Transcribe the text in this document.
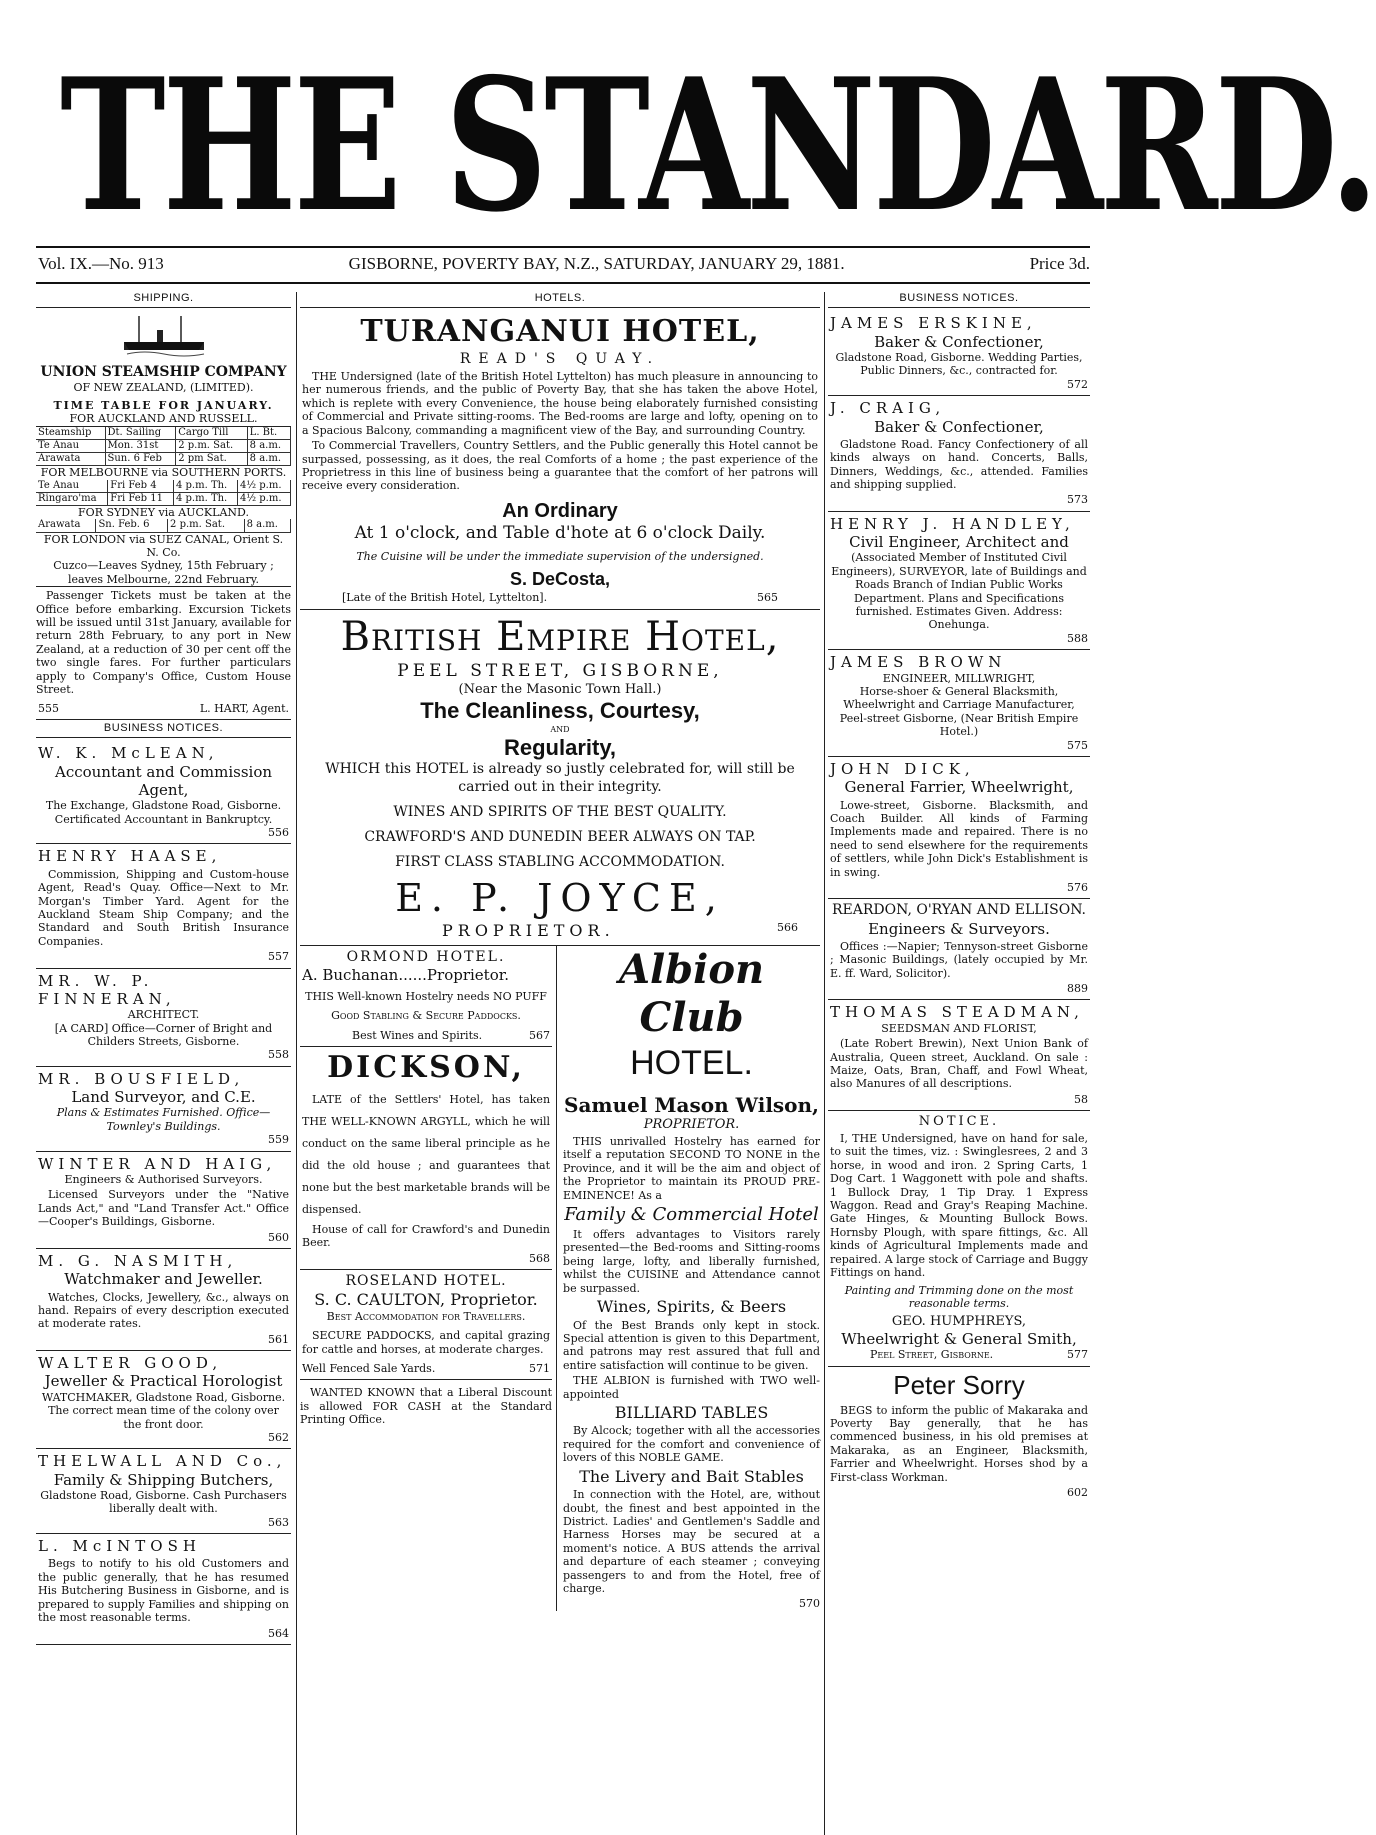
THE STANDARD.
Vol. IX.—No. 913	GISBORNE, POVERTY BAY, N.Z., SATURDAY, JANUARY 29, 1881.	Price 3d.
SHIPPING.
UNION STEAMSHIP COMPANY
OF NEW ZEALAND, (LIMITED).
TIME TABLE FOR JANUARY.
FOR AUCKLAND AND RUSSELL.
Steamship	Dt. Sailing	Cargo Till	L. Bt.
Te Anau	Mon. 31st	2 p.m. Sat.	8 a.m.
Arawata	Sun. 6 Feb	2 pm Sat.	8 a.m.
FOR MELBOURNE via SOUTHERN PORTS.
Te Anau	Fri Feb 4	4 p.m. Th.	4½ p.m.
Ringaro'ma	Fri Feb 11	4 p.m. Th.	4½ p.m.
FOR SYDNEY via AUCKLAND.
Arawata	Sn. Feb. 6	2 p.m. Sat.	8 a.m.
FOR LONDON via SUEZ CANAL, Orient S. N. Co.
Cuzco—Leaves Sydney, 15th February ; leaves Melbourne, 22nd February.
Passenger Tickets must be taken at the Office before embarking. Excursion Tickets will be issued until 31st January, available for return 28th February, to any port in New Zealand, at a reduction of 30 per cent off the two single fares. For further particulars apply to Company's Office, Custom House Street.
555	L. HART, Agent.
BUSINESS NOTICES.
W. K. McLEAN,
Accountant and Commission Agent,
The Exchange, Gladstone Road, Gisborne. Certificated Accountant in Bankruptcy.
556
HENRY HAASE,
Commission, Shipping and Custom-house Agent, Read's Quay. Office—Next to Mr. Morgan's Timber Yard. Agent for the Auckland Steam Ship Company; and the Standard and South British Insurance Companies.
557
MR. W. P. FINNERAN,
ARCHITECT.
[A CARD] Office—Corner of Bright and Childers Streets, Gisborne.
558
MR. BOUSFIELD,
Land Surveyor, and C.E.
Plans & Estimates Furnished. Office—Townley's Buildings.
559
WINTER AND HAIG,
Engineers & Authorised Surveyors.
Licensed Surveyors under the "Native Lands Act," and "Land Transfer Act." Office—Cooper's Buildings, Gisborne.
560
M. G. NASMITH,
Watchmaker and Jeweller.
Watches, Clocks, Jewellery, &c., always on hand. Repairs of every description executed at moderate rates.
561
WALTER GOOD,
Jeweller & Practical Horologist
WATCHMAKER, Gladstone Road, Gisborne. The correct mean time of the colony over the front door.
562
THELWALL AND Co.,
Family & Shipping Butchers,
Gladstone Road, Gisborne. Cash Purchasers liberally dealt with.
563
L. McINTOSH
Begs to notify to his old Customers and the public generally, that he has resumed His Butchering Business in Gisborne, and is prepared to supply Families and shipping on the most reasonable terms.
564
HOTELS.
TURANGANUI HOTEL,
READ'S QUAY.
THE Undersigned (late of the British Hotel Lyttelton) has much pleasure in announcing to her numerous friends, and the public of Poverty Bay, that she has taken the above Hotel, which is replete with every Convenience, the house being elaborately furnished consisting of Commercial and Private sitting-rooms. The Bed-rooms are large and lofty, opening on to a Spacious Balcony, commanding a magnificent view of the Bay, and surrounding Country.
To Commercial Travellers, Country Settlers, and the Public generally this Hotel cannot be surpassed, possessing, as it does, the real Comforts of a home ; the past experience of the Proprietress in this line of business being a guarantee that the comfort of her patrons will receive every consideration.
An Ordinary
At 1 o'clock, and Table d'hote at 6 o'clock Daily.
The Cuisine will be under the immediate supervision of the undersigned.
S. DeCosta,
[Late of the British Hotel, Lyttelton].	565
British Empire Hotel,
PEEL STREET, GISBORNE,
(Near the Masonic Town Hall.)
The Cleanliness, Courtesy,
AND
Regularity,
WHICH this HOTEL is already so justly celebrated for, will still be carried out in their integrity.
WINES AND SPIRITS OF THE BEST QUALITY.
CRAWFORD'S AND DUNEDIN BEER ALWAYS ON TAP.
FIRST CLASS STABLING ACCOMMODATION.
E. P. JOYCE,
PROPRIETOR.	566
ORMOND HOTEL.
A. Buchanan......Proprietor.
THIS Well-known Hostelry needs NO PUFF
Good Stabling & Secure Paddocks.
Best Wines and Spirits.	567
DICKSON,
LATE of the Settlers' Hotel, has taken THE WELL-KNOWN ARGYLL, which he will conduct on the same liberal principle as he did the old house ; and guarantees that none but the best marketable brands will be dispensed.
House of call for Crawford's and Dunedin Beer.
568
ROSELAND HOTEL.
S. C. CAULTON, Proprietor.
Best Accommodation for Travellers.
SECURE PADDOCKS, and capital grazing for cattle and horses, at moderate charges.
Well Fenced Sale Yards.	571
WANTED KNOWN that a Liberal Discount is allowed FOR CASH at the Standard Printing Office.
Albion Club
HOTEL.
Samuel Mason Wilson,
PROPRIETOR.
THIS unrivalled Hostelry has earned for itself a reputation SECOND TO NONE in the Province, and it will be the aim and object of the Proprietor to maintain its PROUD PRE-EMINENCE! As a
Family & Commercial Hotel
It offers advantages to Visitors rarely presented—the Bed-rooms and Sitting-rooms being large, lofty, and liberally furnished, whilst the CUISINE and Attendance cannot be surpassed.
Wines, Spirits, & Beers
Of the Best Brands only kept in stock. Special attention is given to this Department, and patrons may rest assured that full and entire satisfaction will continue to be given.
THE ALBION is furnished with TWO well-appointed
BILLIARD TABLES
By Alcock; together with all the accessories required for the comfort and convenience of lovers of this NOBLE GAME.
The Livery and Bait Stables
In connection with the Hotel, are, without doubt, the finest and best appointed in the District. Ladies' and Gentlemen's Saddle and Harness Horses may be secured at a moment's notice. A BUS attends the arrival and departure of each steamer ; conveying passengers to and from the Hotel, free of charge.
570
BUSINESS NOTICES.
JAMES ERSKINE,
Baker & Confectioner,
Gladstone Road, Gisborne. Wedding Parties, Public Dinners, &c., contracted for.
572
J. CRAIG,
Baker & Confectioner,
Gladstone Road. Fancy Confectionery of all kinds always on hand. Concerts, Balls, Dinners, Weddings, &c., attended. Families and shipping supplied.
573
HENRY J. HANDLEY,
Civil Engineer, Architect and
(Associated Member of Instituted Civil Engineers), SURVEYOR, late of Buildings and Roads Branch of Indian Public Works Department. Plans and Specifications furnished. Estimates Given. Address: Onehunga.
588
JAMES BROWN
ENGINEER, MILLWRIGHT,
Horse-shoer & General Blacksmith, Wheelwright and Carriage Manufacturer, Peel-street Gisborne, (Near British Empire Hotel.)
575
JOHN DICK,
General Farrier, Wheelwright,
Lowe-street, Gisborne. Blacksmith, and Coach Builder. All kinds of Farming Implements made and repaired. There is no need to send elsewhere for the requirements of settlers, while John Dick's Establishment is in swing.
576
REARDON, O'RYAN AND ELLISON.
Engineers & Surveyors.
Offices :—Napier; Tennyson-street Gisborne ; Masonic Buildings, (lately occupied by Mr. E. ff. Ward, Solicitor).
889
THOMAS STEADMAN,
SEEDSMAN AND FLORIST,
(Late Robert Brewin), Next Union Bank of Australia, Queen street, Auckland. On sale : Maize, Oats, Bran, Chaff, and Fowl Wheat, also Manures of all descriptions.
58
NOTICE.
I, THE Undersigned, have on hand for sale, to suit the times, viz. : Swinglesrees, 2 and 3 horse, in wood and iron. 2 Spring Carts, 1 Dog Cart. 1 Waggonett with pole and shafts. 1 Bullock Dray, 1 Tip Dray. 1 Express Waggon. Read and Gray's Reaping Machine. Gate Hinges, & Mounting Bullock Bows. Hornsby Plough, with spare fittings, &c. All kinds of Agricultural Implements made and repaired. A large stock of Carriage and Buggy Fittings on hand.
Painting and Trimming done on the most reasonable terms.
GEO. HUMPHREYS,
Wheelwright & General Smith,
Peel Street, Gisborne.	577
Peter Sorry
BEGS to inform the public of Makaraka and Poverty Bay generally, that he has commenced business, in his old premises at Makaraka, as an Engineer, Blacksmith, Farrier and Wheelwright. Horses shod by a First-class Workman.
602
